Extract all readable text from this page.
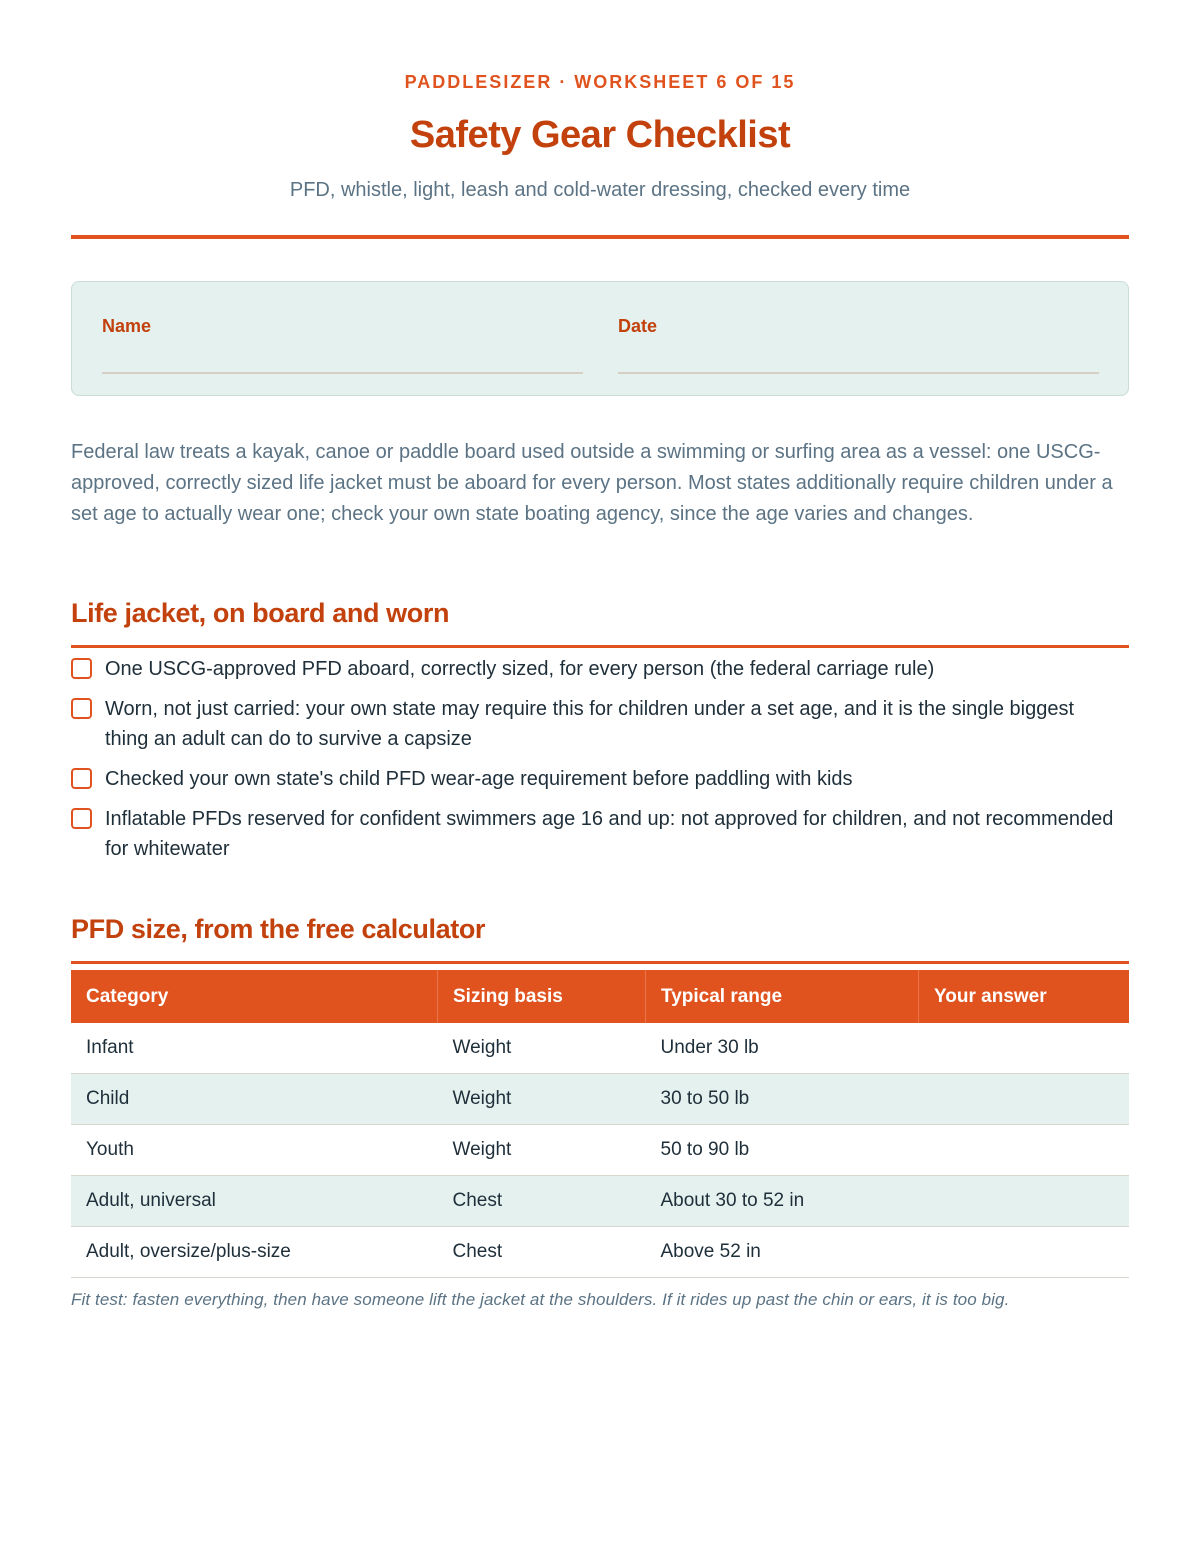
PADDLESIZER · WORKSHEET 6 OF 15
Safety Gear Checklist
PFD, whistle, light, leash and cold-water dressing, checked every time
Name	Date

Federal law treats a kayak, canoe or paddle board used outside a swimming or surfing area as a vessel: one USCG-approved, correctly sized life jacket must be aboard for every person. Most states additionally require children under a set age to actually wear one; check your own state boating agency, since the age varies and changes.

Life jacket, on board and worn
One USCG-approved PFD aboard, correctly sized, for every person (the federal carriage rule)
Worn, not just carried: your own state may require this for children under a set age, and it is the single biggest thing an adult can do to survive a capsize
Checked your own state's child PFD wear-age requirement before paddling with kids
Inflatable PFDs reserved for confident swimmers age 16 and up: not approved for children, and not recommended for whitewater
PFD size, from the free calculator
Category	Sizing basis	Typical range	Your answer
Infant	Weight	Under 30 lb	
Child	Weight	30 to 50 lb	
Youth	Weight	50 to 90 lb	
Adult, universal	Chest	About 30 to 52 in	
Adult, oversize/plus-size	Chest	Above 52 in	
Fit test: fasten everything, then have someone lift the jacket at the shoulders. If it rides up past the chin or ears, it is too big.
